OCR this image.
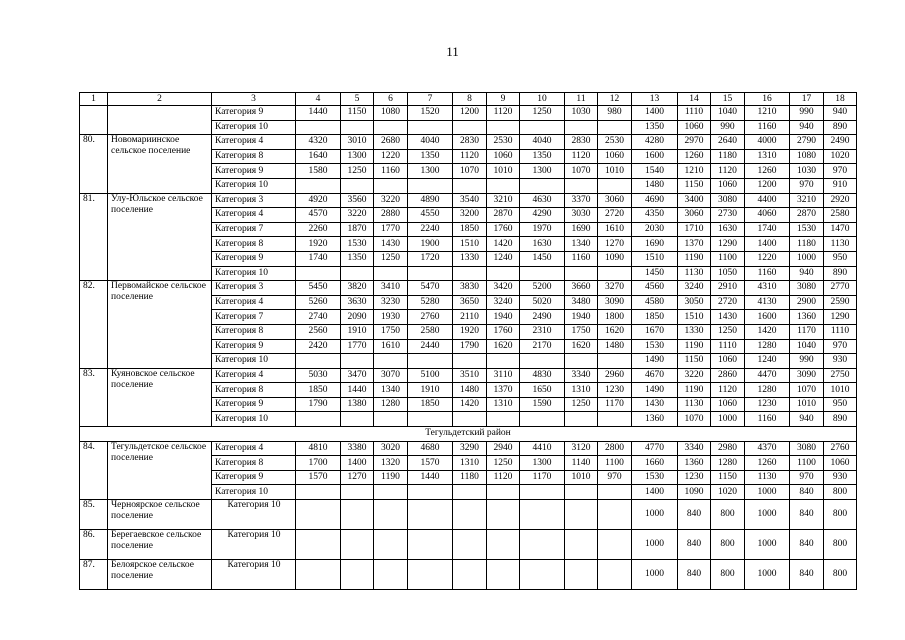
11
1	2	3	4	5	6	7	8	9	10	11	12	13	14	15	16	17	18
		Категория 9	1440	1150	1080	1520	1200	1120	1250	1030	980	1400	1110	1040	1210	990	940
		Категория 10										1350	1060	990	1160	940	890
80.	Новомариинское сельское поселение	Категория 4	4320	3010	2680	4040	2830	2530	4040	2830	2530	4280	2970	2640	4000	2790	2490
		Категория 8	1640	1300	1220	1350	1120	1060	1350	1120	1060	1600	1260	1180	1310	1080	1020
		Категория 9	1580	1250	1160	1300	1070	1010	1300	1070	1010	1540	1210	1120	1260	1030	970
		Категория 10										1480	1150	1060	1200	970	910
81.	Улу-Юльское сельское поселение	Категория 3	4920	3560	3220	4890	3540	3210	4630	3370	3060	4690	3400	3080	4400	3210	2920
		Категория 4	4570	3220	2880	4550	3200	2870	4290	3030	2720	4350	3060	2730	4060	2870	2580
		Категория 7	2260	1870	1770	2240	1850	1760	1970	1690	1610	2030	1710	1630	1740	1530	1470
		Категория 8	1920	1530	1430	1900	1510	1420	1630	1340	1270	1690	1370	1290	1400	1180	1130
		Категория 9	1740	1350	1250	1720	1330	1240	1450	1160	1090	1510	1190	1100	1220	1000	950
		Категория 10										1450	1130	1050	1160	940	890
82.	Первомайское сельское поселение	Категория 3	5450	3820	3410	5470	3830	3420	5200	3660	3270	4560	3240	2910	4310	3080	2770
		Категория 4	5260	3630	3230	5280	3650	3240	5020	3480	3090	4580	3050	2720	4130	2900	2590
		Категория 7	2740	2090	1930	2760	2110	1940	2490	1940	1800	1850	1510	1430	1600	1360	1290
		Категория 8	2560	1910	1750	2580	1920	1760	2310	1750	1620	1670	1330	1250	1420	1170	1110
		Категория 9	2420	1770	1610	2440	1790	1620	2170	1620	1480	1530	1190	1110	1280	1040	970
		Категория 10										1490	1150	1060	1240	990	930
83.	Куяновское сельское поселение	Категория 4	5030	3470	3070	5100	3510	3110	4830	3340	2960	4670	3220	2860	4470	3090	2750
		Категория 8	1850	1440	1340	1910	1480	1370	1650	1310	1230	1490	1190	1120	1280	1070	1010
		Категория 9	1790	1380	1280	1850	1420	1310	1590	1250	1170	1430	1130	1060	1230	1010	950
		Категория 10										1360	1070	1000	1160	940	890
Тегульдетский район																	
84.	Тегульдетское сельское поселение	Категория 4	4810	3380	3020	4680	3290	2940	4410	3120	2800	4770	3340	2980	4370	3080	2760
		Категория 8	1700	1400	1320	1570	1310	1250	1300	1140	1100	1660	1360	1280	1260	1100	1060
		Категория 9	1570	1270	1190	1440	1180	1120	1170	1010	970	1530	1230	1150	1130	970	930
		Категория 10										1400	1090	1020	1000	840	800
85.	Черноярское сельское поселение	Категория 10										1000	840	800	1000	840	800
86.	Берегаевское сельское поселение	Категория 10										1000	840	800	1000	840	800
87.	Белоярское сельское поселение	Категория 10										1000	840	800	1000	840	800
